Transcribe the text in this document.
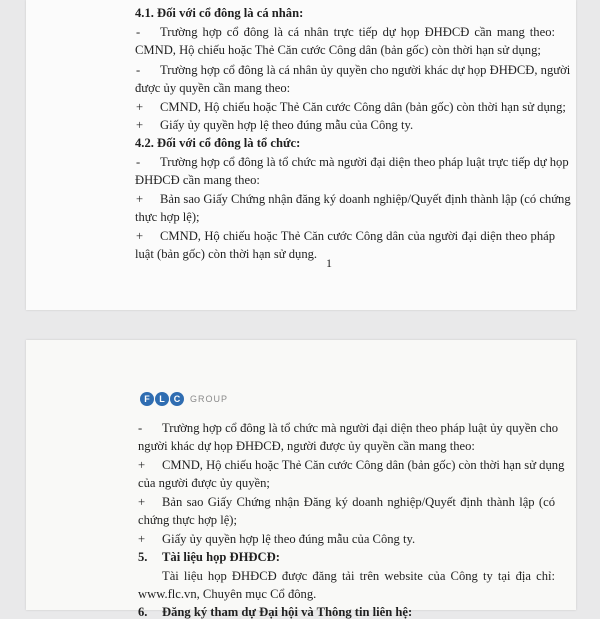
4.1. Đối với cổ đông là cá nhân:
- Trường hợp cổ đông là cá nhân trực tiếp dự họp ĐHĐCĐ cần mang theo:
CMND, Hộ chiếu hoặc Thẻ Căn cước Công dân (bản gốc) còn thời hạn sử dụng;
- Trường hợp cổ đông là cá nhân ủy quyền cho người khác dự họp ĐHĐCĐ, người
được ủy quyền cần mang theo:
+ CMND, Hộ chiếu hoặc Thẻ Căn cước Công dân (bản gốc) còn thời hạn sử dụng;
+ Giấy ủy quyền hợp lệ theo đúng mẫu của Công ty.
4.2. Đối với cổ đông là tổ chức:
- Trường hợp cổ đông là tổ chức mà người đại diện theo pháp luật trực tiếp dự họp
ĐHĐCĐ cần mang theo:
+ Bản sao Giấy Chứng nhận đăng ký doanh nghiệp/Quyết định thành lập (có chứng
thực hợp lệ);
+ CMND, Hộ chiếu hoặc Thẻ Căn cước Công dân của người đại diện theo pháp
luật (bản gốc) còn thời hạn sử dụng.
1
F	L	C	GROUP
- Trường hợp cổ đông là tổ chức mà người đại diện theo pháp luật ủy quyền cho
người khác dự họp ĐHĐCĐ, người được ủy quyền cần mang theo:
+ CMND, Hộ chiếu hoặc Thẻ Căn cước Công dân (bản gốc) còn thời hạn sử dụng
của người được ủy quyền;
+ Bản sao Giấy Chứng nhận Đăng ký doanh nghiệp/Quyết định thành lập (có
chứng thực hợp lệ);
+ Giấy ủy quyền hợp lệ theo đúng mẫu của Công ty.
5. Tài liệu họp ĐHĐCĐ:
Tài liệu họp ĐHĐCĐ được đăng tải trên website của Công ty tại địa chỉ:
www.flc.vn, Chuyên mục Cổ đông.
6. Đăng ký tham dự Đại hội và Thông tin liên hệ:
